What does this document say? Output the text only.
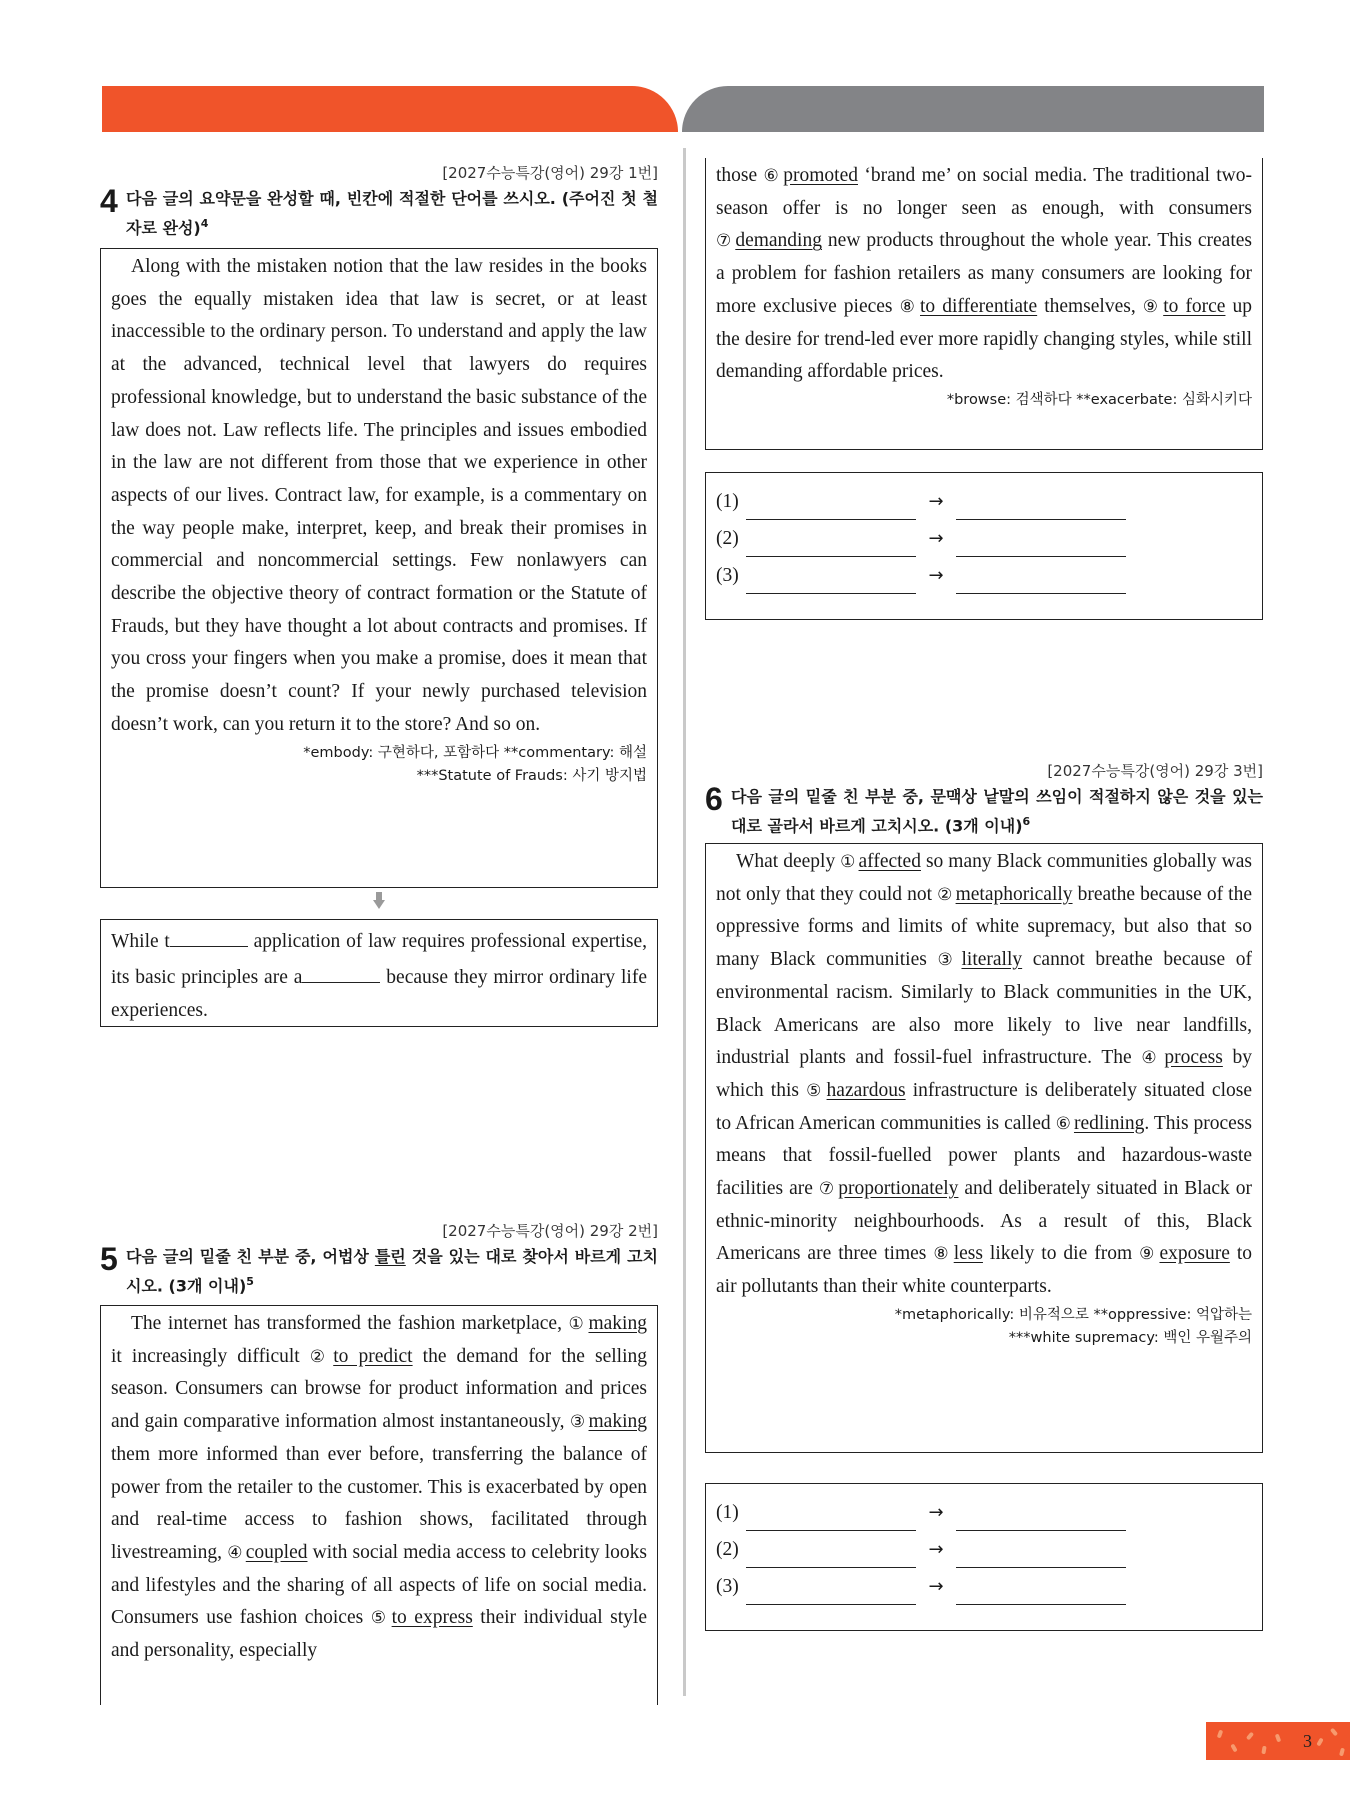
[2027수능특강(영어) 29강 1번]
4 다음 글의 요약문을 완성할 때, 빈칸에 적절한 단어를 쓰시오. (주어진 첫 철자로 완성)$^4$

Along with the mistaken notion that the law resides in the books goes the equally mistaken idea that law is secret, or at least inaccessible to the ordinary person. To understand and apply the law at the advanced, technical level that lawyers do requires professional knowledge, but to understand the basic substance of the law does not. Law reflects life. The principles and issues embodied in the law are not different from those that we experience in other aspects of our lives. Contract law, for example, is a commentary on the way people make, interpret, keep, and break their promises in commercial and noncommercial settings. Few nonlawyers can describe the objective theory of contract formation or the Statute of Frauds, but they have thought a lot about contracts and promises. If you cross your fingers when you make a promise, does it mean that the promise doesn’t count? If your newly purchased television doesn’t work, can you return it to the store? And so on.

*embody: 구현하다, 포함하다 **commentary: 해설
***Statute of Frauds: 사기 방지법
While t	application of law requires professional expertise, its basic principles are a	because they mirror ordinary life experiences.
[2027수능특강(영어) 29강 2번]
5 다음 글의 밑줄 친 부분 중, 어법상 틀린 것을 있는 대로 찾아서 바르게 고치시오. (3개 이내)$^5$

The internet has transformed the fashion marketplace, ① making it increasingly difficult ② to predict the demand for the selling season. Consumers can browse for product information and prices and gain comparative information almost instantaneously, ③ making them more informed than ever before, transferring the balance of power from the retailer to the customer. This is exacerbated by open and real-time access to fashion shows, facilitated through livestreaming, ④ coupled with social media access to celebrity looks and lifestyles and the sharing of all aspects of life on social media. Consumers use fashion choices ⑤ to express their individual style and personality, especially

those ⑥ promoted ‘brand me’ on social media. The traditional two-season offer is no longer seen as enough, with consumers ⑦ demanding new products throughout the whole year. This creates a problem for fashion retailers as many consumers are looking for more exclusive pieces ⑧ to differentiate themselves, ⑨ to force up the desire for trend-led ever more rapidly changing styles, while still demanding affordable prices.

*browse: 검색하다 **exacerbate: 심화시키다
(1)	→
(2)	→
(3)	→
[2027수능특강(영어) 29강 3번]
6 다음 글의 밑줄 친 부분 중, 문맥상 낱말의 쓰임이 적절하지 않은 것을 있는 대로 골라서 바르게 고치시오. (3개 이내)$^6$

What deeply ① affected so many Black communities globally was not only that they could not ② metaphorically breathe because of the oppressive forms and limits of white supremacy, but also that so many Black communities ③ literally cannot breathe because of environmental racism. Similarly to Black communities in the UK, Black Americans are also more likely to live near landfills, industrial plants and fossil-fuel infrastructure. The ④ process by which this ⑤ hazardous infrastructure is deliberately situated close to African American communities is called ⑥ redlining. This process means that fossil-fuelled power plants and hazardous-waste facilities are ⑦ proportionately and deliberately situated in Black or ethnic-minority neighbourhoods. As a result of this, Black Americans are three times ⑧ less likely to die from ⑨ exposure to air pollutants than their white counterparts.

*metaphorically: 비유적으로 **oppressive: 억압하는
***white supremacy: 백인 우월주의
(1)	→
(2)	→
(3)	→
3
